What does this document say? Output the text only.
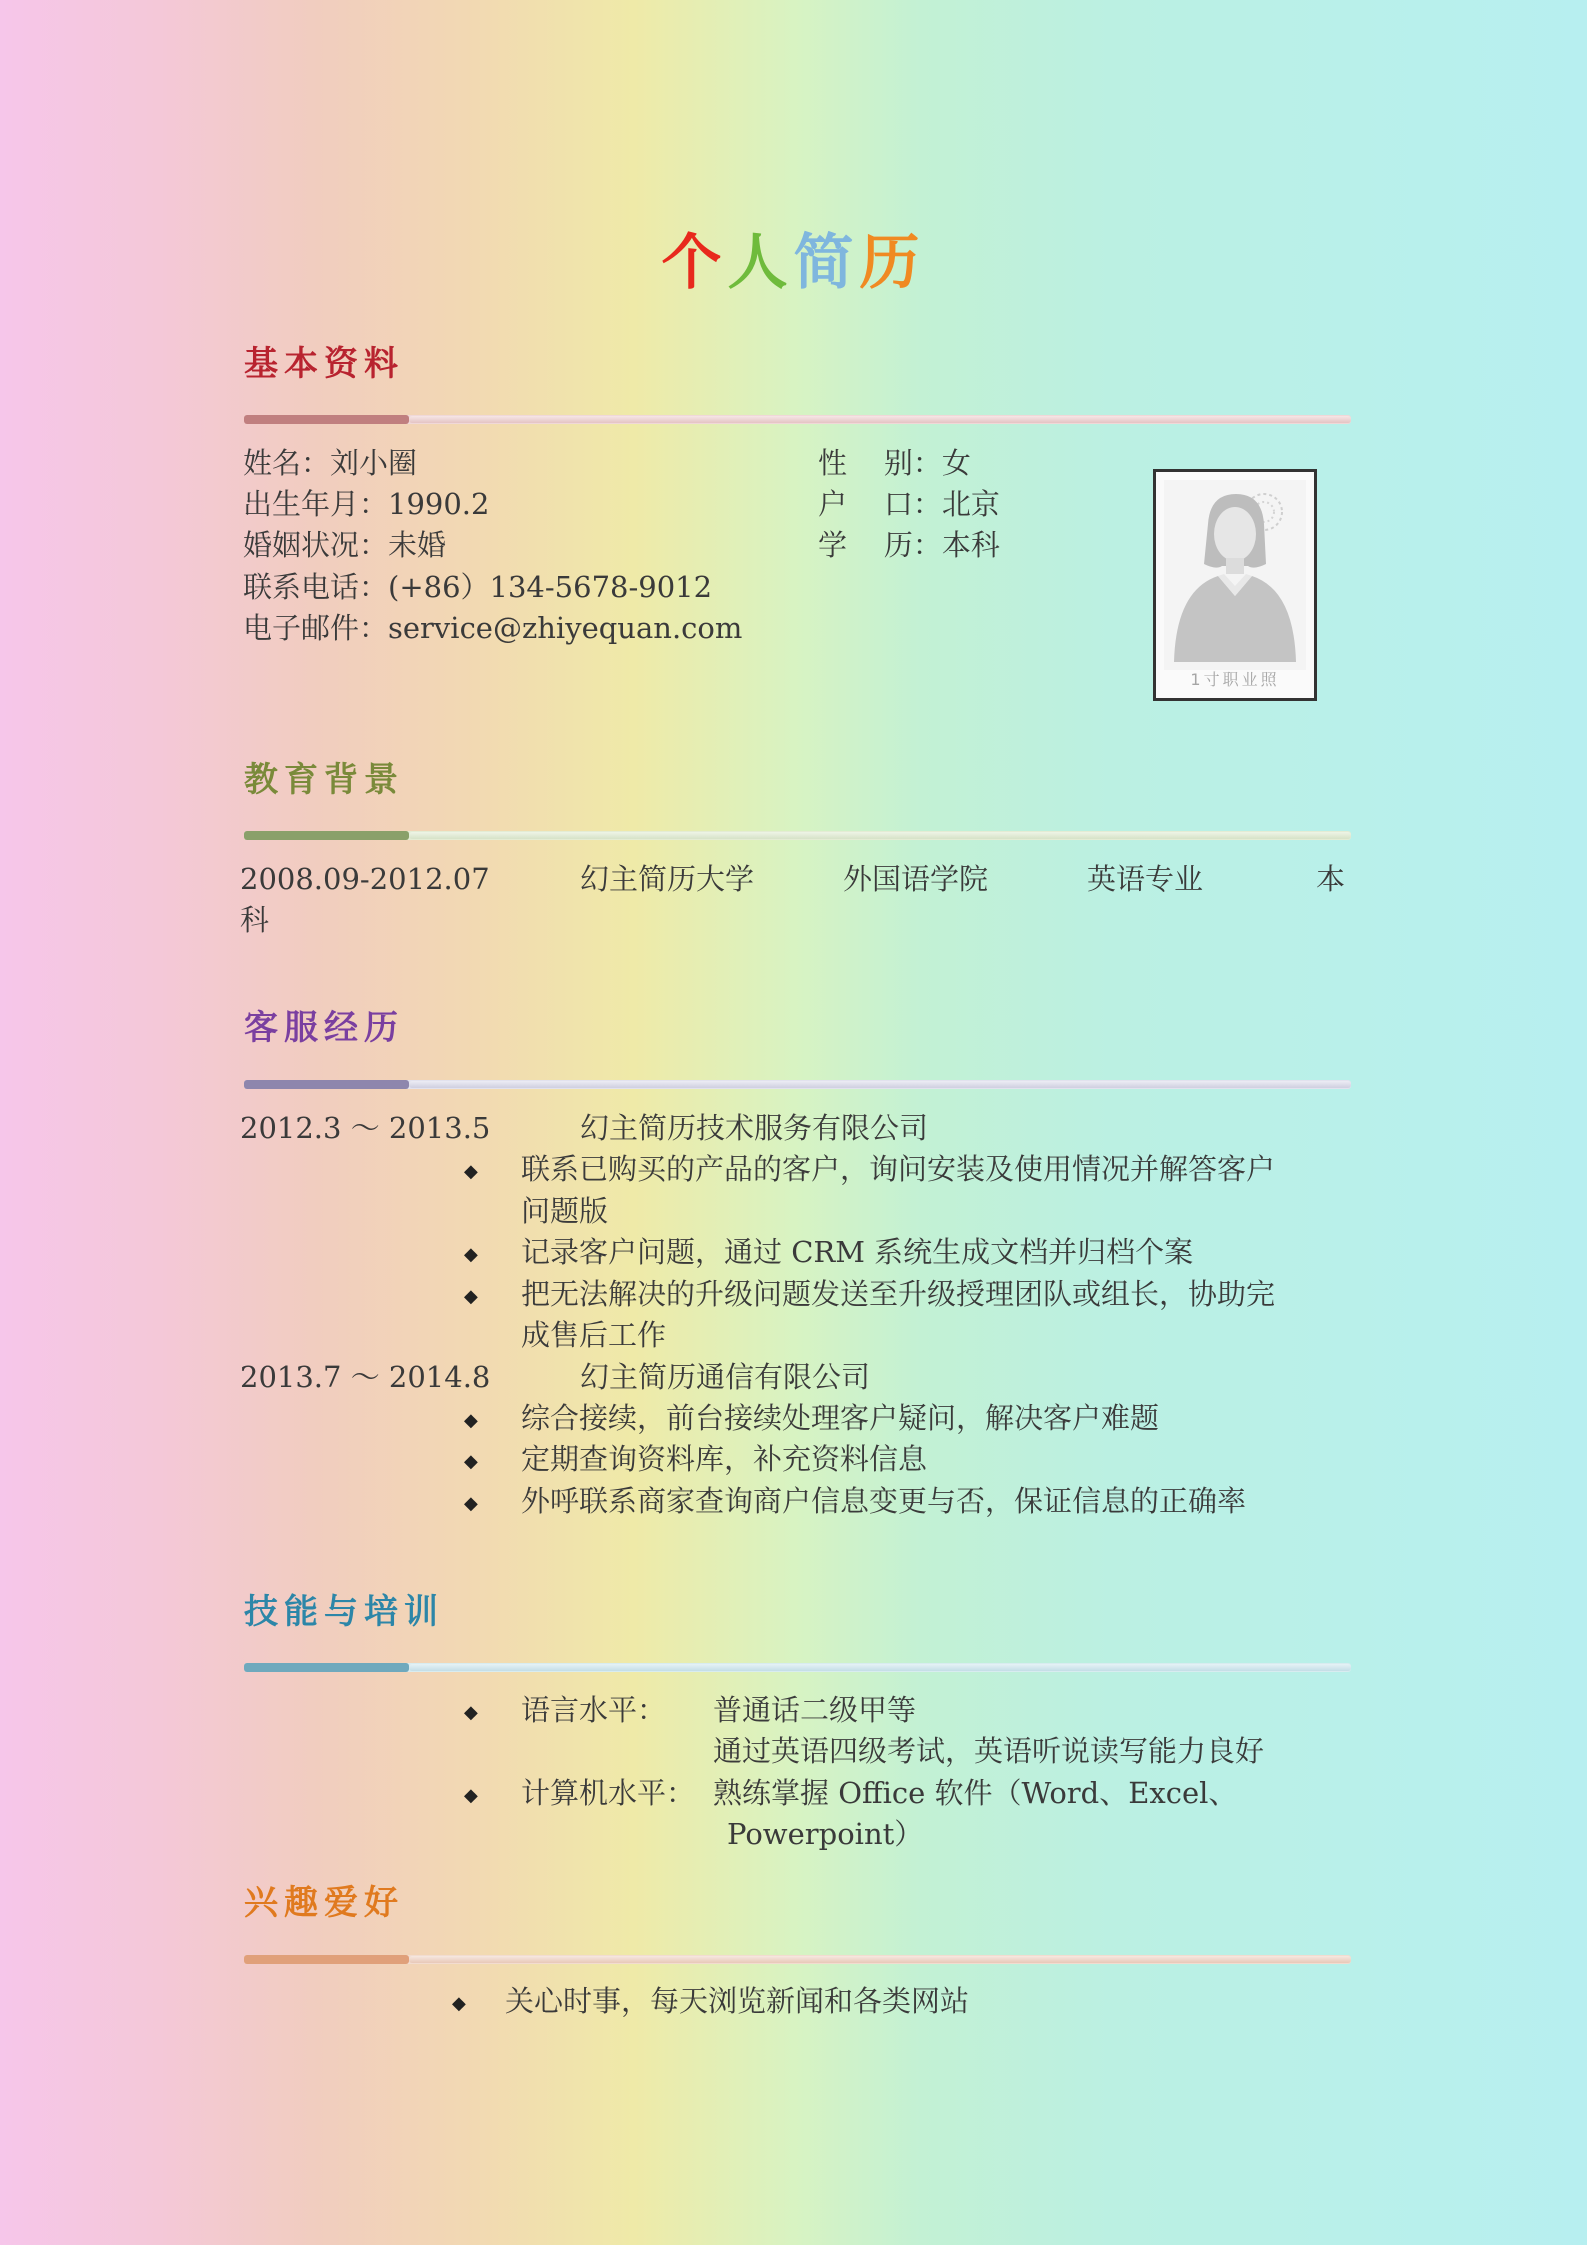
个人简历
基本资料
姓名：刘小圈
出生年月：1990.2
婚姻状况：未婚
联系电话：(+86）134-5678-9012
电子邮件：service@zhiyequan.com
性    别：女
户    口：北京
学    历：本科
1寸职业照
教育背景
2008.09-2012.07	幻主简历大学	外国语学院	英语专业	本
科
客服经历
2012.3 ～ 2013.5	幻主简历技术服务有限公司
◆ 联系已购买的产品的客户，询问安装及使用情况并解答客户
问题版
◆ 记录客户问题，通过 CRM 系统生成文档并归档个案
◆ 把无法解决的升级问题发送至升级授理团队或组长，协助完
成售后工作
2013.7 ～ 2014.8	幻主简历通信有限公司
◆ 综合接续，前台接续处理客户疑问，解决客户难题
◆ 定期查询资料库，补充资料信息
◆ 外呼联系商家查询商户信息变更与否，保证信息的正确率
技能与培训
◆ 语言水平： 普通话二级甲等
通过英语四级考试，英语听说读写能力良好
◆ 计算机水平： 熟练掌握 Office 软件（Word、Excel、
Powerpoint）
兴趣爱好
◆ 关心时事，每天浏览新闻和各类网站
